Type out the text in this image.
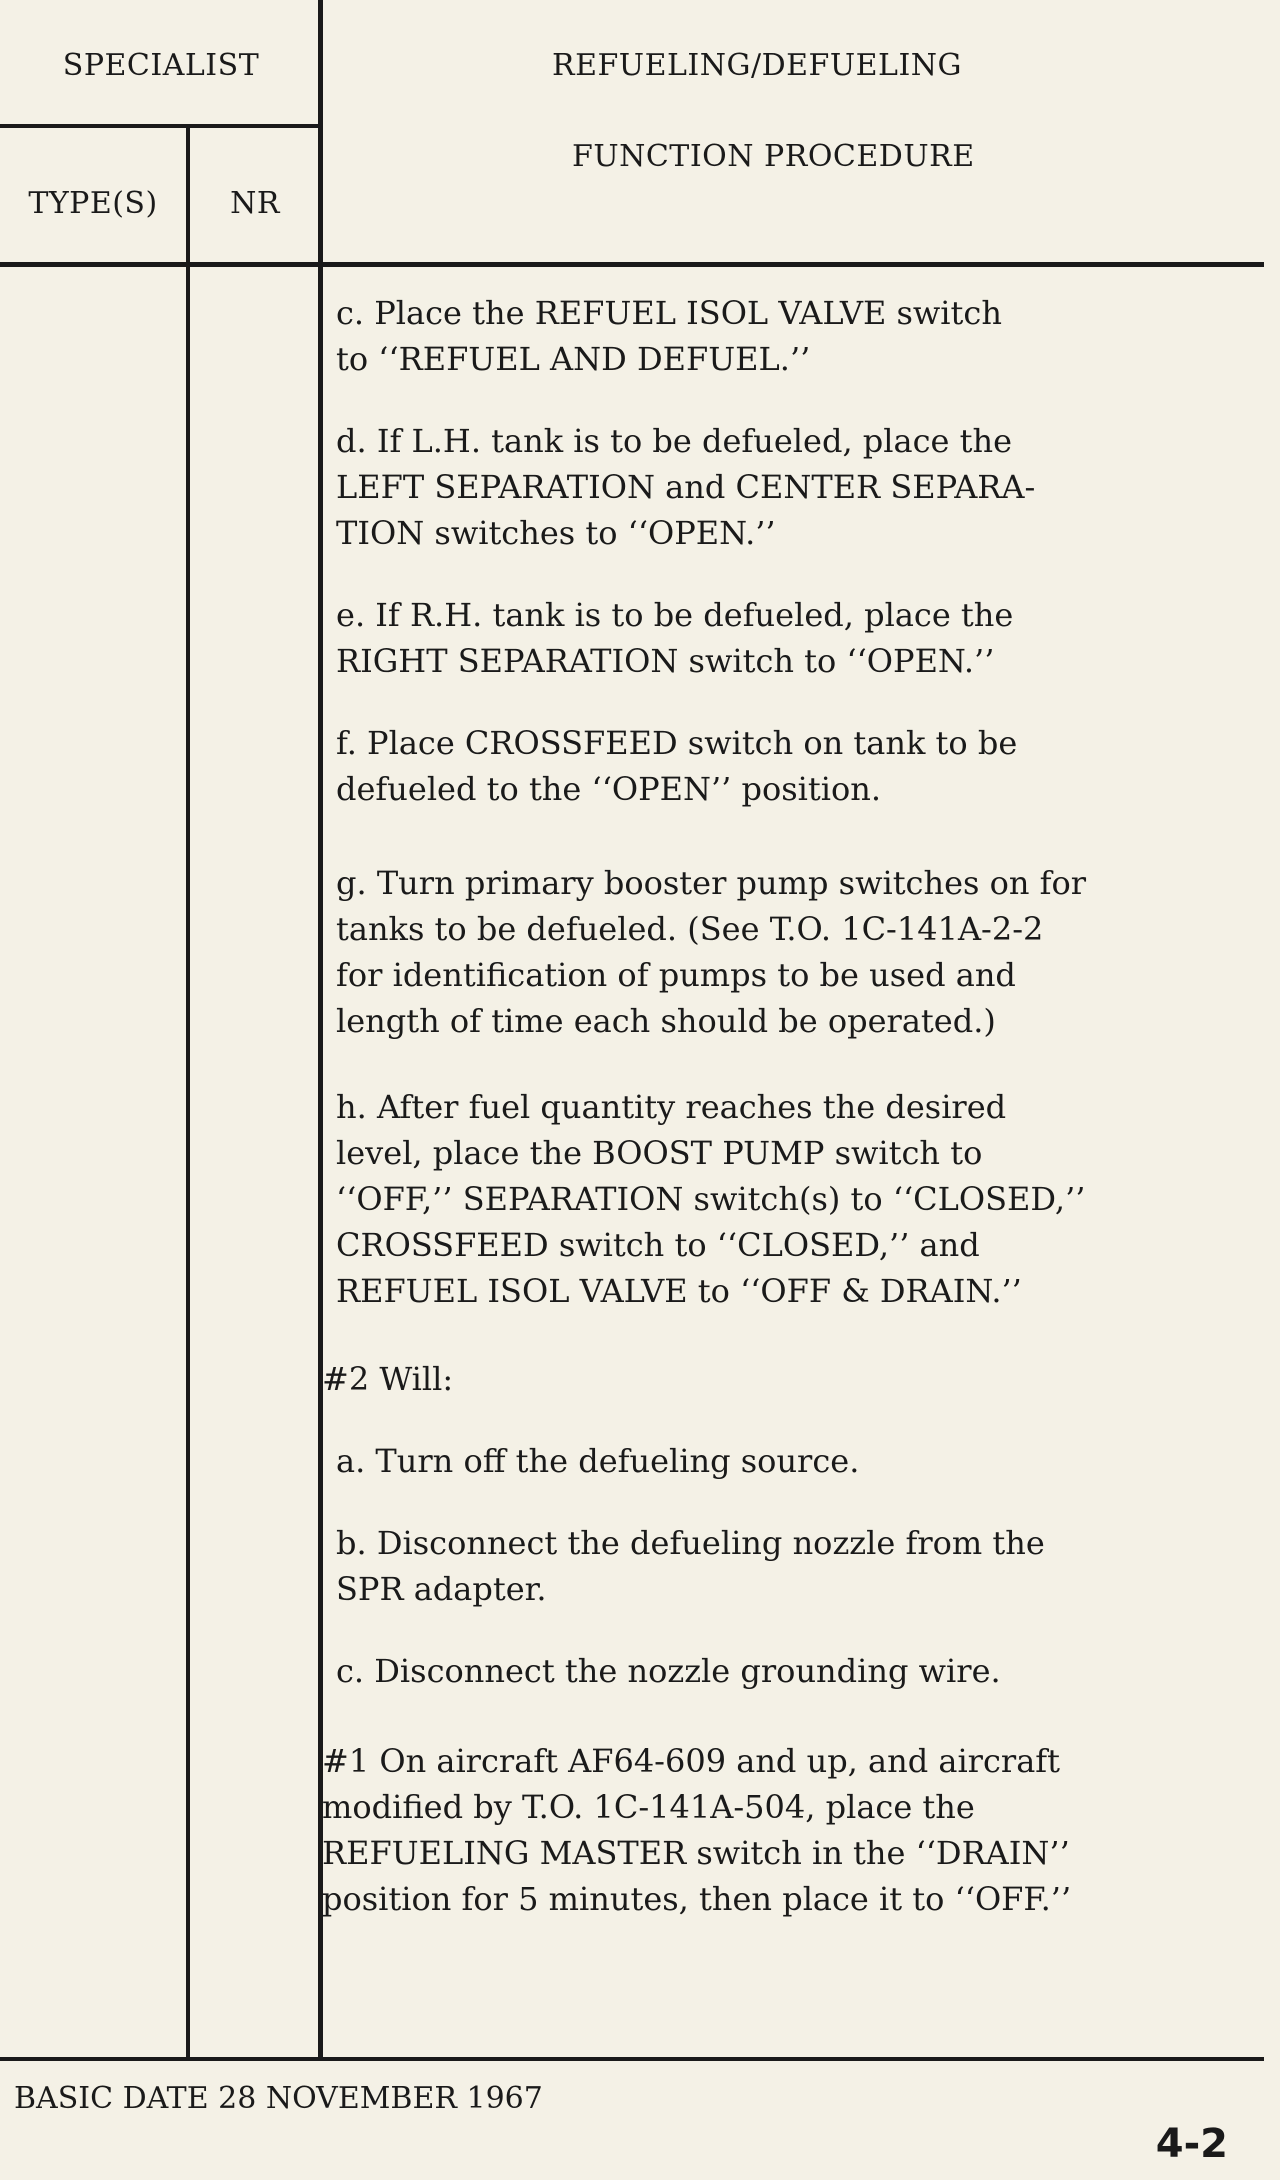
SPECIALIST
TYPE(S) NR
REFUELING/DEFUELING
FUNCTION PROCEDURE

c. Place the REFUEL ISOL VALVE switch
to ‘‘REFUEL AND DEFUEL.’’

d. If L.H. tank is to be defueled, place the
LEFT SEPARATION and CENTER SEPARA-
TION switches to ‘‘OPEN.’’

e. If R.H. tank is to be defueled, place the
RIGHT SEPARATION switch to ‘‘OPEN.’’

f. Place CROSSFEED switch on tank to be
defueled to the ‘‘OPEN’’ position.

g. Turn primary booster pump switches on for
tanks to be defueled. (See T.O. 1C-141A-2-2
for identification of pumps to be used and
length of time each should be operated.)

h. After fuel quantity reaches the desired
level, place the BOOST PUMP switch to
‘‘OFF,’’ SEPARATION switch(s) to ‘‘CLOSED,’’
CROSSFEED switch to ‘‘CLOSED,’’ and
REFUEL ISOL VALVE to ‘‘OFF & DRAIN.’’

#2 Will:

a. Turn off the defueling source.

b. Disconnect the defueling nozzle from the
SPR adapter.

c. Disconnect the nozzle grounding wire.

#1 On aircraft AF64-609 and up, and aircraft
modified by T.O. 1C-141A-504, place the
REFUELING MASTER switch in the ‘‘DRAIN’’
position for 5 minutes, then place it to ‘‘OFF.’’

BASIC DATE 28 NOVEMBER 1967
4-2
